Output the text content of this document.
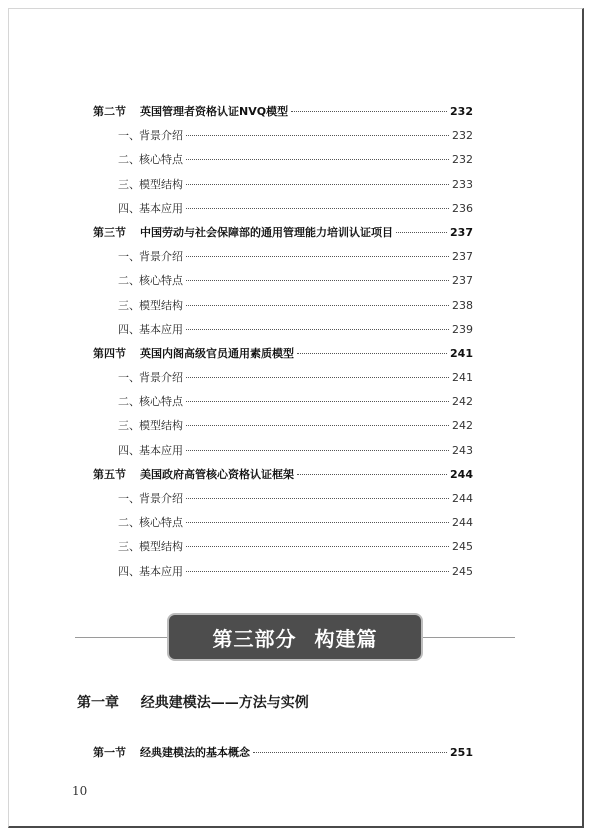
第二节	英国管理者资格认证NVQ模型	232
一、 背景介绍	232
二、 核心特点	232
三、 模型结构	233
四、 基本应用	236
第三节	中国劳动与社会保障部的通用管理能力培训认证项目	237
一、 背景介绍	237
二、 核心特点	237
三、 模型结构	238
四、 基本应用	239
第四节	英国内阁高级官员通用素质模型	241
一、 背景介绍	241
二、 核心特点	242
三、 模型结构	242
四、 基本应用	243
第五节	美国政府高管核心资格认证框架	244
一、 背景介绍	244
二、 核心特点	244
三、 模型结构	245
四、 基本应用	245
第三部分 构建篇
第一章 经典建模法——方法与实例
第一节	经典建模法的基本概念	251
10
